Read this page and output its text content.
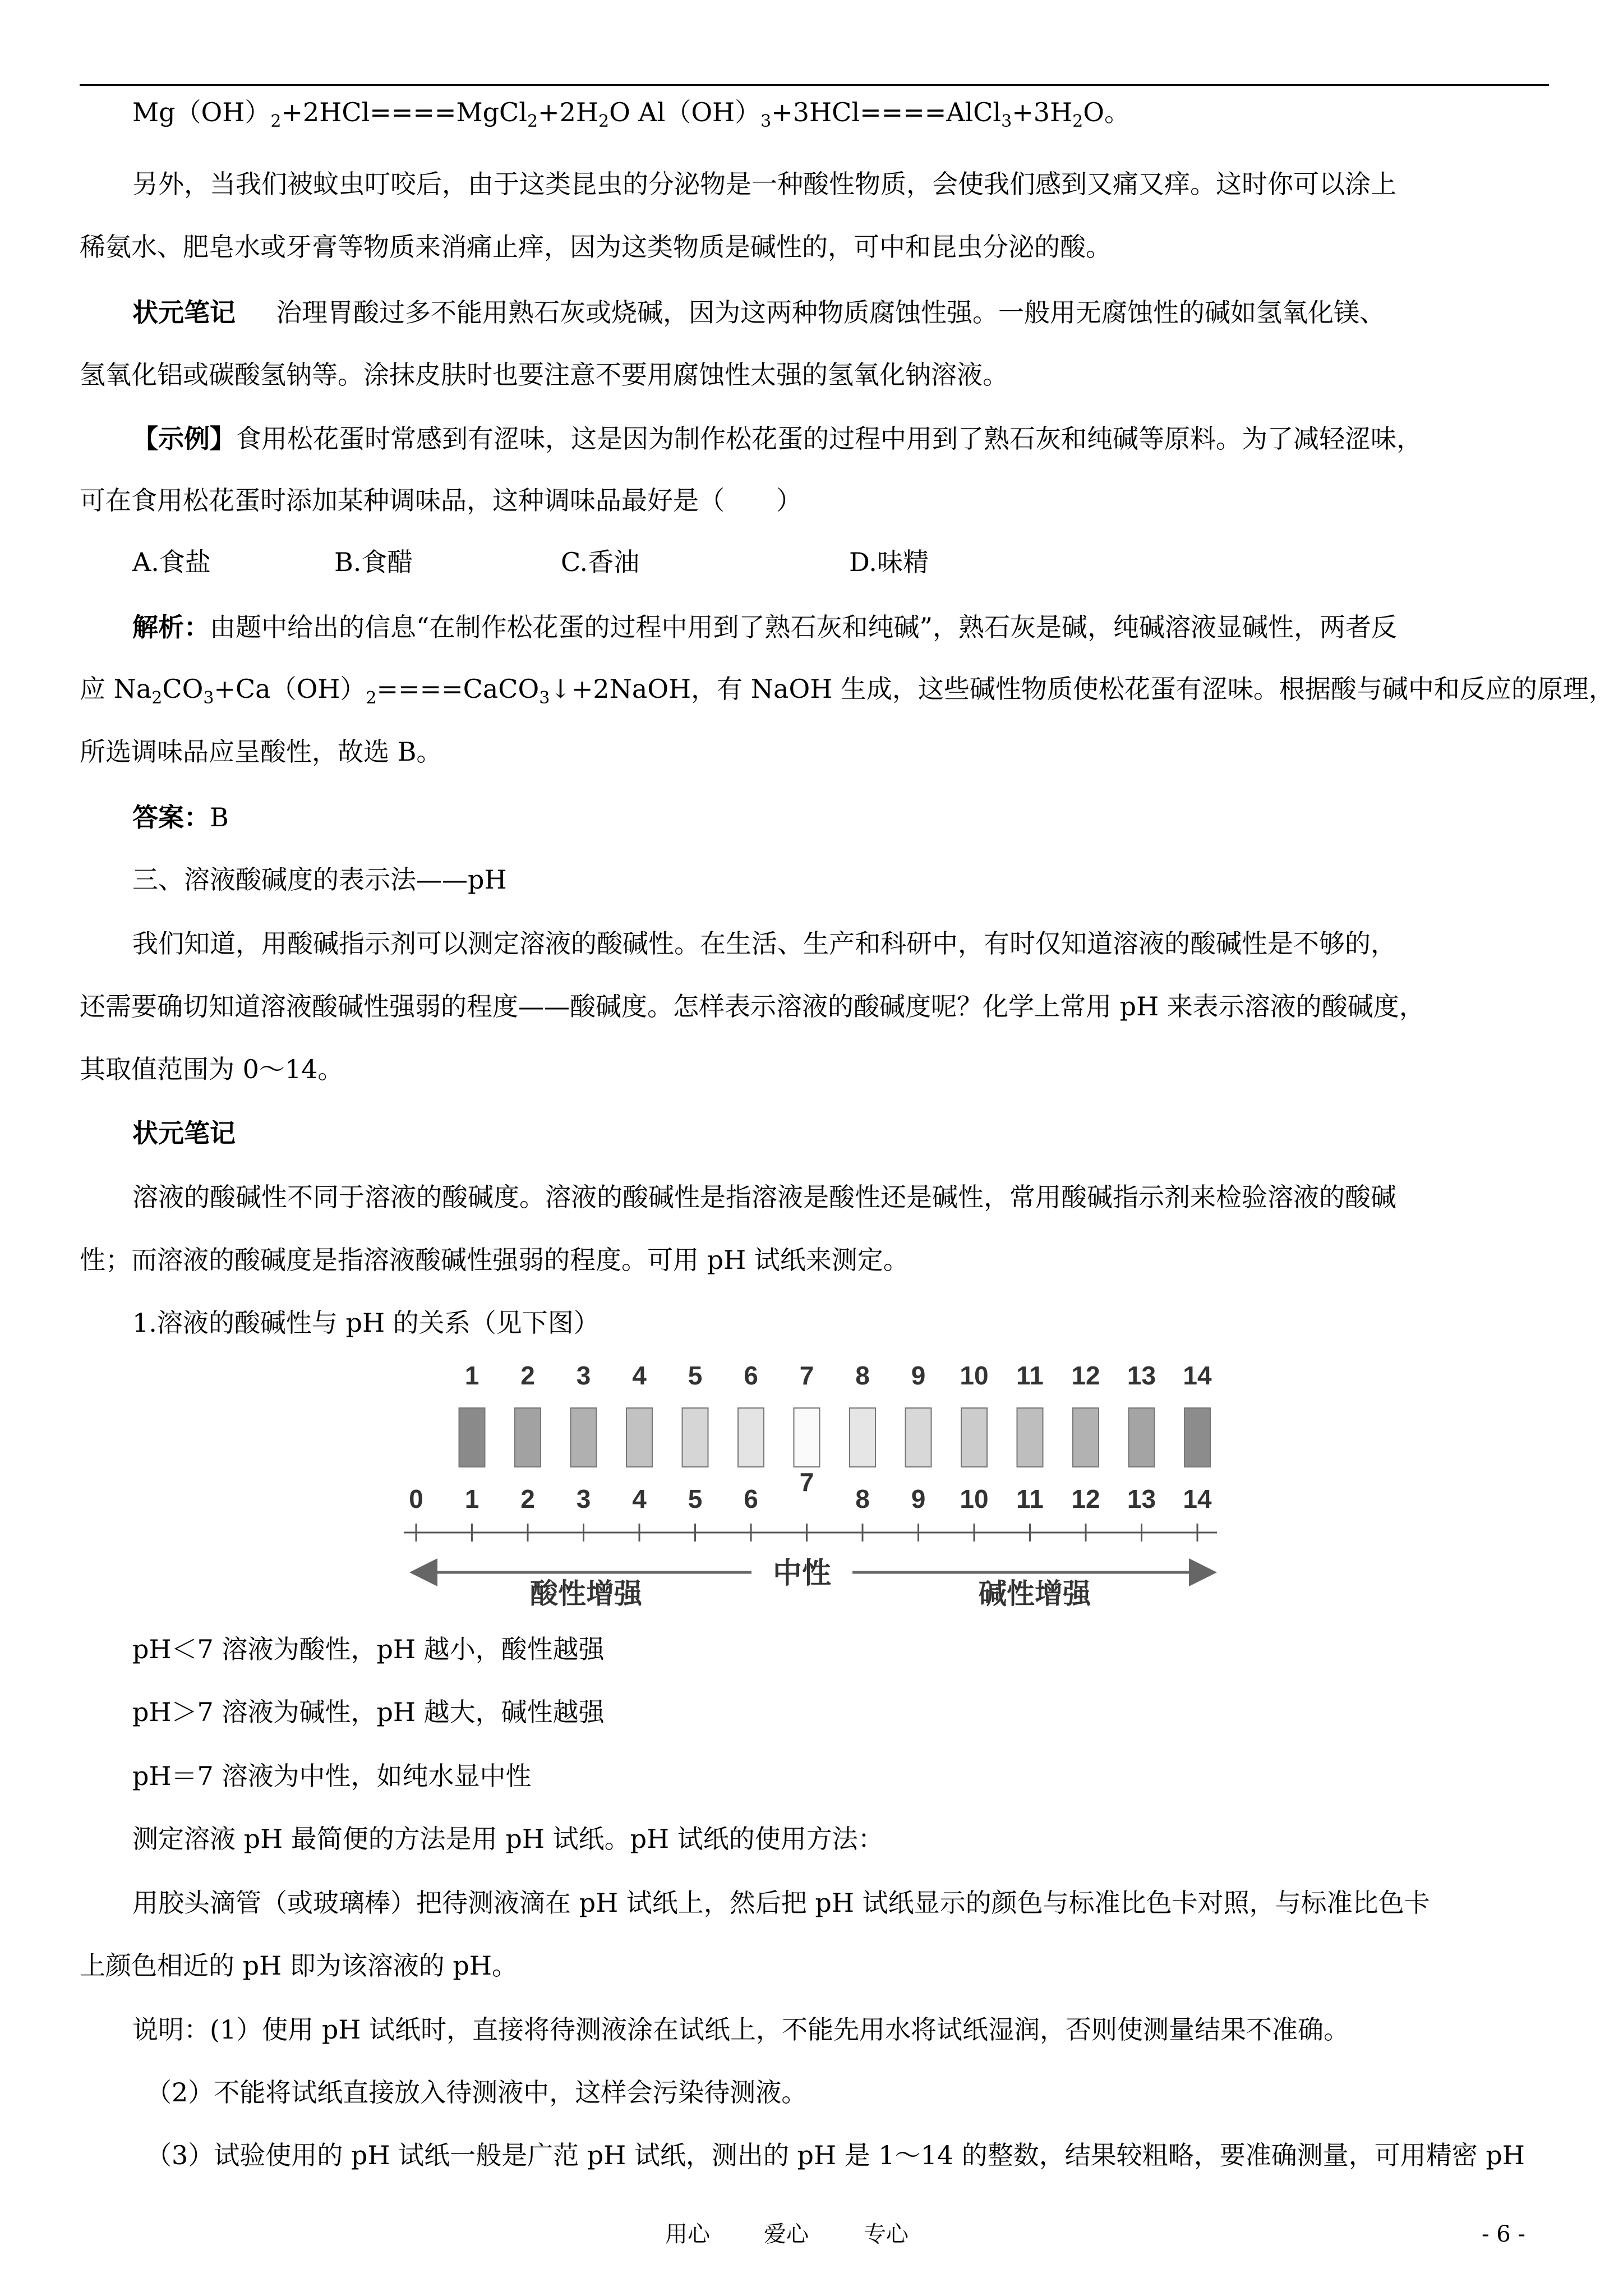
$Mg(OH)_2+2HCl====MgCl_2+2H_2O$ $Al(OH)_3+3HCl====AlCl_3+3H_2O$。
另外，当我们被蚊虫叮咬后，由于这类昆虫的分泌物是一种酸性物质，会使我们感到又痛又痒。这时你可以涂上
稀氨水、肥皂水或牙膏等物质来消痛止痒，因为这类物质是碱性的，可中和昆虫分泌的酸。
状元笔记 治理胃酸过多不能用熟石灰或烧碱，因为这两种物质腐蚀性强。一般用无腐蚀性的碱如氢氧化镁、
氢氧化铝或碳酸氢钠等。涂抹皮肤时也要注意不要用腐蚀性太强的氢氧化钠溶液。
【示例】食用松花蛋时常感到有涩味，这是因为制作松花蛋的过程中用到了熟石灰和纯碱等原料。为了减轻涩味，
可在食用松花蛋时添加某种调味品，这种调味品最好是（　　）
A.食盐	B.食醋	C.香油	D.味精
解析：由题中给出的信息“在制作松花蛋的过程中用到了熟石灰和纯碱”，熟石灰是碱，纯碱溶液显碱性，两者反
应 $Na_2CO_3+Ca(OH)_2====CaCO_3↓+2NaOH$，有 NaOH 生成，这些碱性物质使松花蛋有涩味。根据酸与碱中和反应的原理，
所选调味品应呈酸性，故选 B。
答案：B
三、溶液酸碱度的表示法——pH
我们知道，用酸碱指示剂可以测定溶液的酸碱性。在生活、生产和科研中，有时仅知道溶液的酸碱性是不够的，
还需要确切知道溶液酸碱性强弱的程度——酸碱度。怎样表示溶液的酸碱度呢？化学上常用 pH 来表示溶液的酸碱度，
其取值范围为 0～14。
状元笔记
溶液的酸碱性不同于溶液的酸碱度。溶液的酸碱性是指溶液是酸性还是碱性，常用酸碱指示剂来检验溶液的酸碱
性；而溶液的酸碱度是指溶液酸碱性强弱的程度。可用 pH 试纸来测定。
1.溶液的酸碱性与 pH 的关系（见下图）
1 2 3 4 5 6 7 8 9 10 11 12 13 14
0 1 2 3 4 5 6
7
8 9 10 11 12 13 14
中性
酸性增强	碱性增强
pH＜7 溶液为酸性，pH 越小，酸性越强
pH＞7 溶液为碱性，pH 越大，碱性越强
pH＝7 溶液为中性，如纯水显中性
测定溶液 pH 最简便的方法是用 pH 试纸。pH 试纸的使用方法：
用胶头滴管（或玻璃棒）把待测液滴在 pH 试纸上，然后把 pH 试纸显示的颜色与标准比色卡对照，与标准比色卡
上颜色相近的 pH 即为该溶液的 pH。
说明：(1）使用 pH 试纸时，直接将待测液涂在试纸上，不能先用水将试纸湿润，否则使测量结果不准确。
（2）不能将试纸直接放入待测液中，这样会污染待测液。
（3）试验使用的 pH 试纸一般是广范 pH 试纸，测出的 pH 是 1～14 的整数，结果较粗略，要准确测量，可用精密 pH
用心 爱心 专心	- 6 -
